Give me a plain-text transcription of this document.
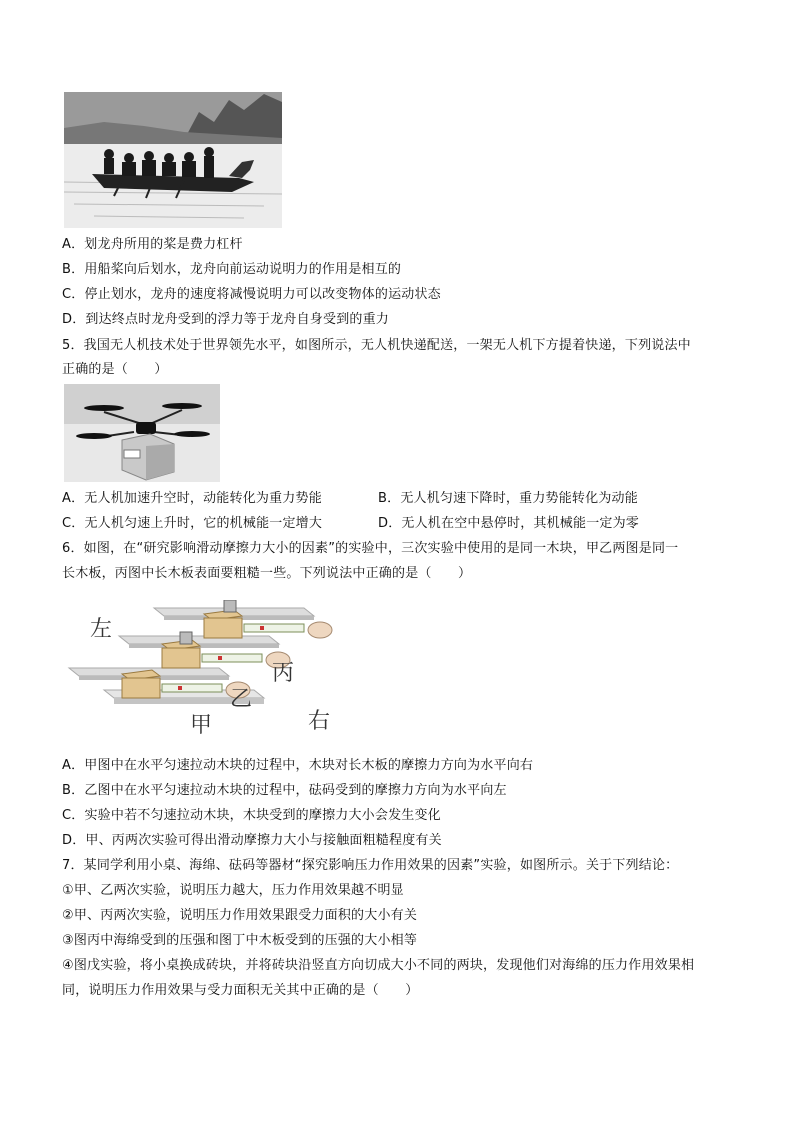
A．划龙舟所用的桨是费力杠杆
B．用船桨向后划水，龙舟向前运动说明力的作用是相互的
C．停止划水，龙舟的速度将减慢说明力可以改变物体的运动状态
D．到达终点时龙舟受到的浮力等于龙舟自身受到的重力
5．我国无人机技术处于世界领先水平，如图所示，无人机快递配送，一架无人机下方提着快递，下列说法中
正确的是（　　）
A．无人机加速升空时，动能转化为重力势能	B．无人机匀速下降时，重力势能转化为动能
C．无人机匀速上升时，它的机械能一定增大	D．无人机在空中悬停时，其机械能一定为零
6．如图，在“研究影响滑动摩擦力大小的因素”的实验中，三次实验中使用的是同一木块，甲乙两图是同一
长木板，丙图中长木板表面要粗糙一些。下列说法中正确的是（　　）
左
右
甲
乙
丙
A．甲图中在水平匀速拉动木块的过程中，木块对长木板的摩擦力方向为水平向右
B．乙图中在水平匀速拉动木块的过程中，砝码受到的摩擦力方向为水平向左
C．实验中若不匀速拉动木块，木块受到的摩擦力大小会发生变化
D．甲、丙两次实验可得出滑动摩擦力大小与接触面粗糙程度有关
7．某同学利用小桌、海绵、砝码等器材“探究影响压力作用效果的因素”实验，如图所示。关于下列结论：
①甲、乙两次实验，说明压力越大，压力作用效果越不明显
②甲、丙两次实验，说明压力作用效果跟受力面积的大小有关
③图丙中海绵受到的压强和图丁中木板受到的压强的大小相等
④图戊实验，将小桌换成砖块，并将砖块沿竖直方向切成大小不同的两块，发现他们对海绵的压力作用效果相
同，说明压力作用效果与受力面积无关其中正确的是（　　）
